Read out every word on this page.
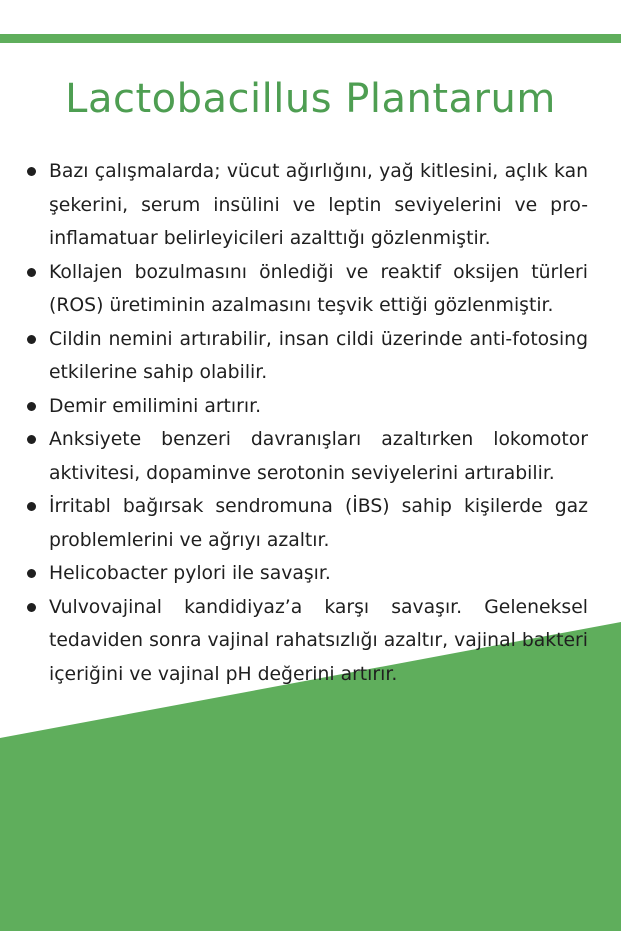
Lactobacillus Plantarum
Bazı çalışmalarda; vücut ağırlığını, yağ kitlesini, açlık kan şekerini, serum insülini ve leptin seviyelerini ve pro-inflamatuar belirleyicileri azalttığı gözlenmiştir.
Kollajen bozulmasını önlediği ve reaktif oksijen türleri (ROS) üretiminin azalmasını teşvik ettiği gözlenmiştir.
Cildin nemini artırabilir, insan cildi üzerinde anti-fotosing etkilerine sahip olabilir.
Demir emilimini artırır.
Anksiyete benzeri davranışları azaltırken lokomotor aktivitesi, dopaminve serotonin seviyelerini artırabilir.
İrritabl bağırsak sendromuna (İBS) sahip kişilerde gaz problemlerini ve ağrıyı azaltır.
Helicobacter pylori ile savaşır.
Vulvovajinal kandidiyaz’a karşı savaşır. Geleneksel tedaviden sonra vajinal rahatsızlığı azaltır, vajinal bakteri içeriğini ve vajinal pH değerini artırır.
